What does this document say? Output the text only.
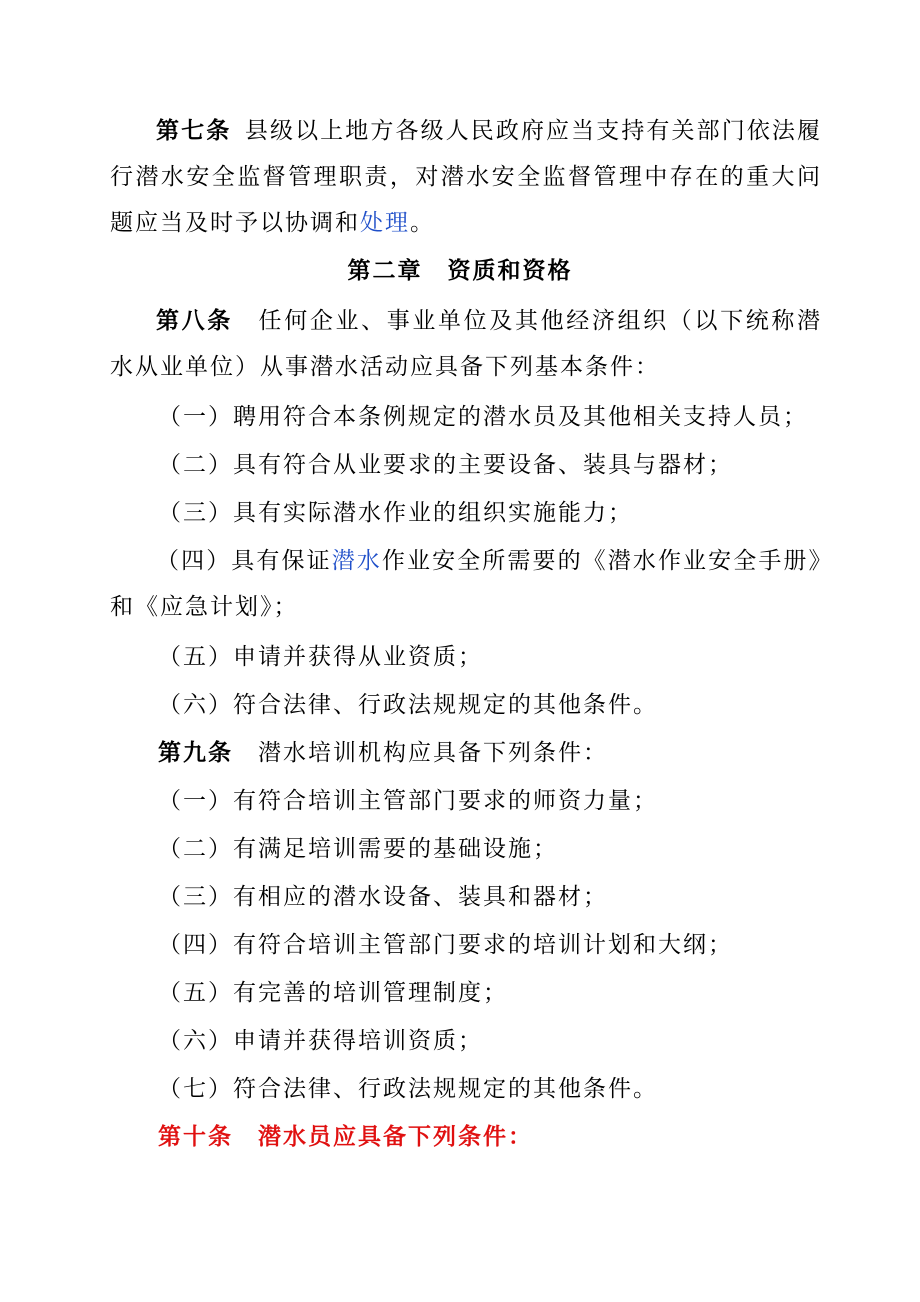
第七条  县级以上地方各级人民政府应当支持有关部门依法履行潜水安全监督管理职责，对潜水安全监督管理中存在的重大问题应当及时予以协调和处理。

第二章　资质和资格

第八条  任何企业、事业单位及其他经济组织（以下统称潜水从业单位）从事潜水活动应具备下列基本条件：

（一）聘用符合本条例规定的潜水员及其他相关支持人员；

（二）具有符合从业要求的主要设备、装具与器材；

（三）具有实际潜水作业的组织实施能力；

（四）具有保证潜水作业安全所需要的《潜水作业安全手册》和《应急计划》；

（五）申请并获得从业资质；

（六）符合法律、行政法规规定的其他条件。

第九条  潜水培训机构应具备下列条件：

（一）有符合培训主管部门要求的师资力量；

（二）有满足培训需要的基础设施；

（三）有相应的潜水设备、装具和器材；

（四）有符合培训主管部门要求的培训计划和大纲；

（五）有完善的培训管理制度；

（六）申请并获得培训资质；

（七）符合法律、行政法规规定的其他条件。

第十条  潜水员应具备下列条件：
